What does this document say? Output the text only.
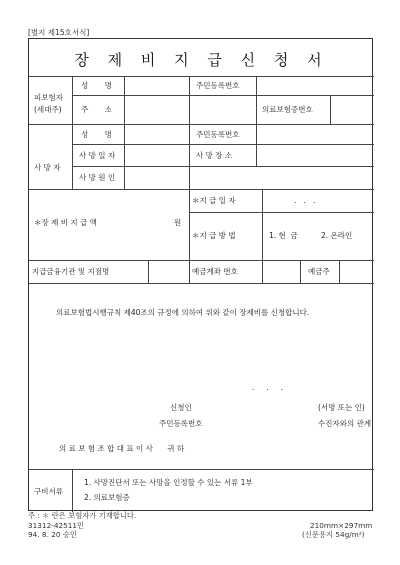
[별지 제15호서식]
장 제 비 지 급 신 청 서
피보험자
(세대주)
성 명	주민등록번호
주 소	의료보험증번호
사 망 자
성 명	주민등록번호
사 망 일 자	사 망 장 소
사 망 원 인
＊장 제 비 지 급 액	원
＊지 급 일 자	.   .   .
＊지 급 방 법	1. 현  금	2. 온라인
지급금융기관 및 지점명	예금계좌 번호	예금주
의료보험법시행규칙 제40조의 규정에 의하여 위와 같이 장제비를 신청합니다.
.     .     .
신청인	(서명 또는 인)
주민등록번호	수진자와의 관계
의 료 보 험 조 합 대 표 이 사      귀 하
구비서류
1. 사망진단서 또는 사망을 인정할 수 있는 서류 1부
2. 의료보험증
주 : ＊ 란은 보험자가 기재합니다.
31312-42511민
94. 8. 20 승인
210mm×297mm
(신문용지 54g/m²)
